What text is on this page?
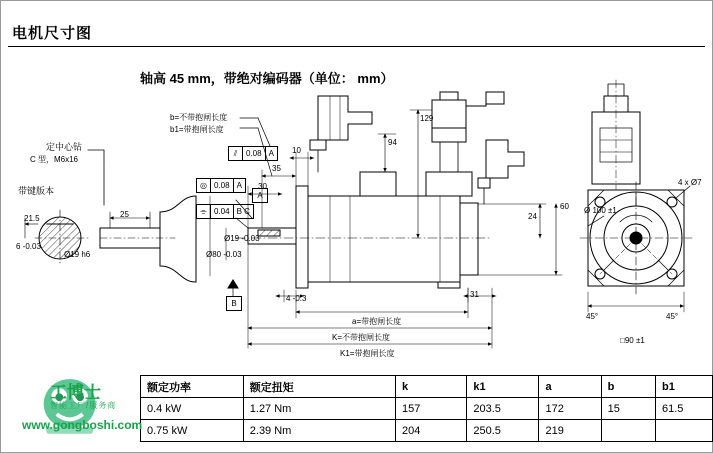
电机尺寸图
轴高 45 mm，带绝对编码器（单位： mm）
定中心钻
C 型，M6x16
带键版本
21.5
6 -0.03
Ø19 h6
25
b=不带抱闸长度
b1=带抱闸长度
⫽	0.08 A
◎ 0.08 A
⌯ 0.04 B C
A
B
10
35
30
Ø80 -0.03
Ø19 -0.03
94
129
24
60
4 -0.3	31
a=带抱闸长度
K=不带抱闸长度
K1=带抱闸长度
Ø 100 ±1
4 x Ø7
45°	45°
□90 ±1
额定功率	额定扭矩	k	k1	a	b	b1
0.4 kW	1.27 Nm	157	203.5	172	15	61.5
0.75 kW	2.39 Nm	204	250.5	219		
工博士
智能工厂/服务商
www.gongboshi.com
